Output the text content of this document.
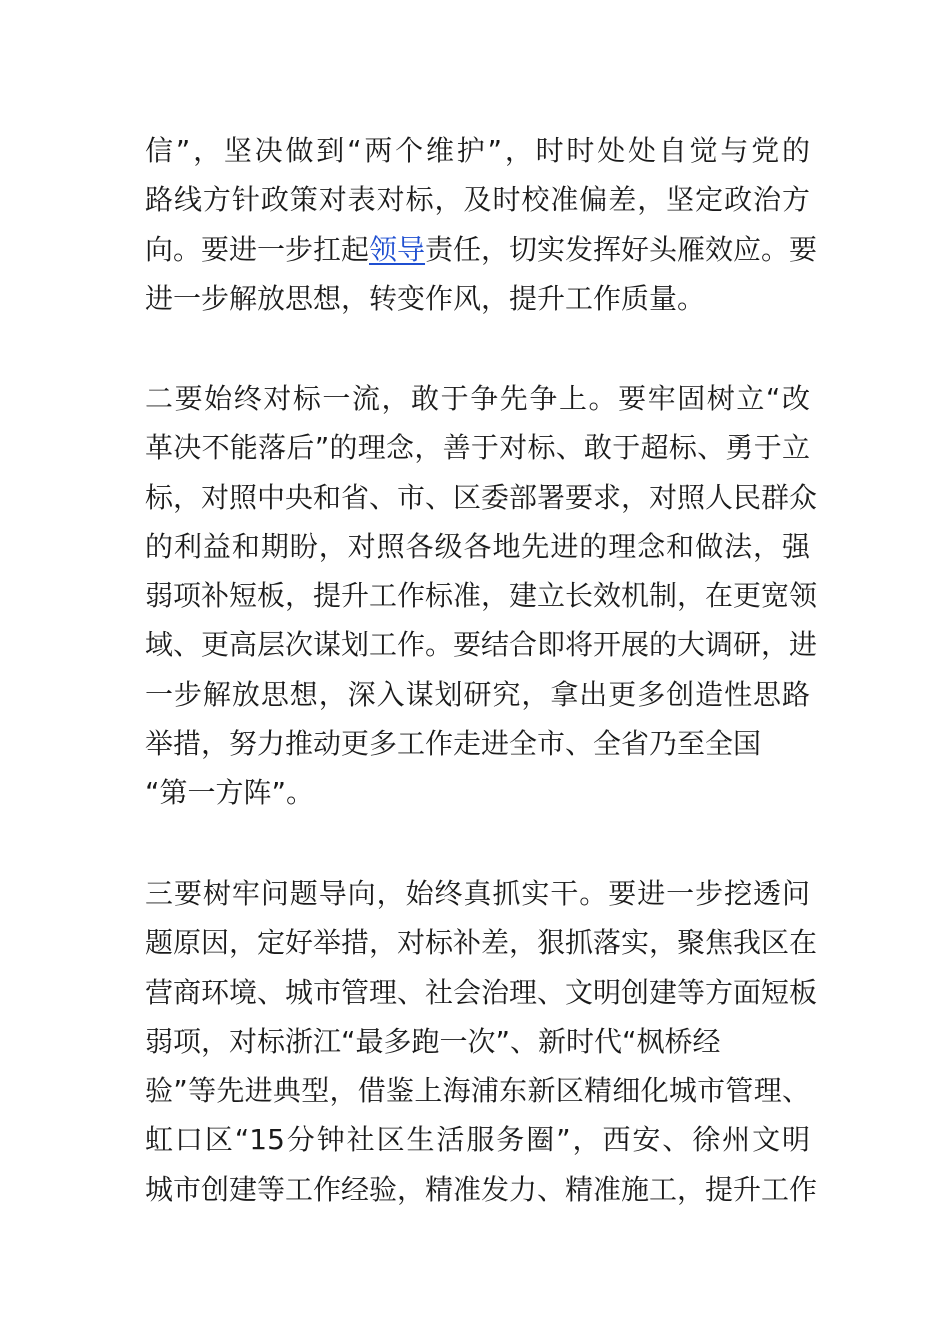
信”，坚决做到“两个维护”，时时处处自觉与党的
路线方针政策对表对标，及时校准偏差，坚定政治方
向。要进一步扛起领导责任，切实发挥好头雁效应。要
进一步解放思想，转变作风，提升工作质量。
二要始终对标一流，敢于争先争上。要牢固树立“改
革决不能落后”的理念，善于对标、敢于超标、勇于立
标，对照中央和省、市、区委部署要求，对照人民群众
的利益和期盼，对照各级各地先进的理念和做法，强
弱项补短板，提升工作标准，建立长效机制，在更宽领
域、更高层次谋划工作。要结合即将开展的大调研，进
一步解放思想，深入谋划研究，拿出更多创造性思路
举措，努力推动更多工作走进全市、全省乃至全国
“第一方阵”。
三要树牢问题导向，始终真抓实干。要进一步挖透问
题原因，定好举措，对标补差，狠抓落实，聚焦我区在
营商环境、城市管理、社会治理、文明创建等方面短板
弱项，对标浙江“最多跑一次”、新时代“枫桥经
验”等先进典型，借鉴上海浦东新区精细化城市管理、
虹口区“15分钟社区生活服务圈”，西安、徐州文明
城市创建等工作经验，精准发力、精准施工，提升工作
